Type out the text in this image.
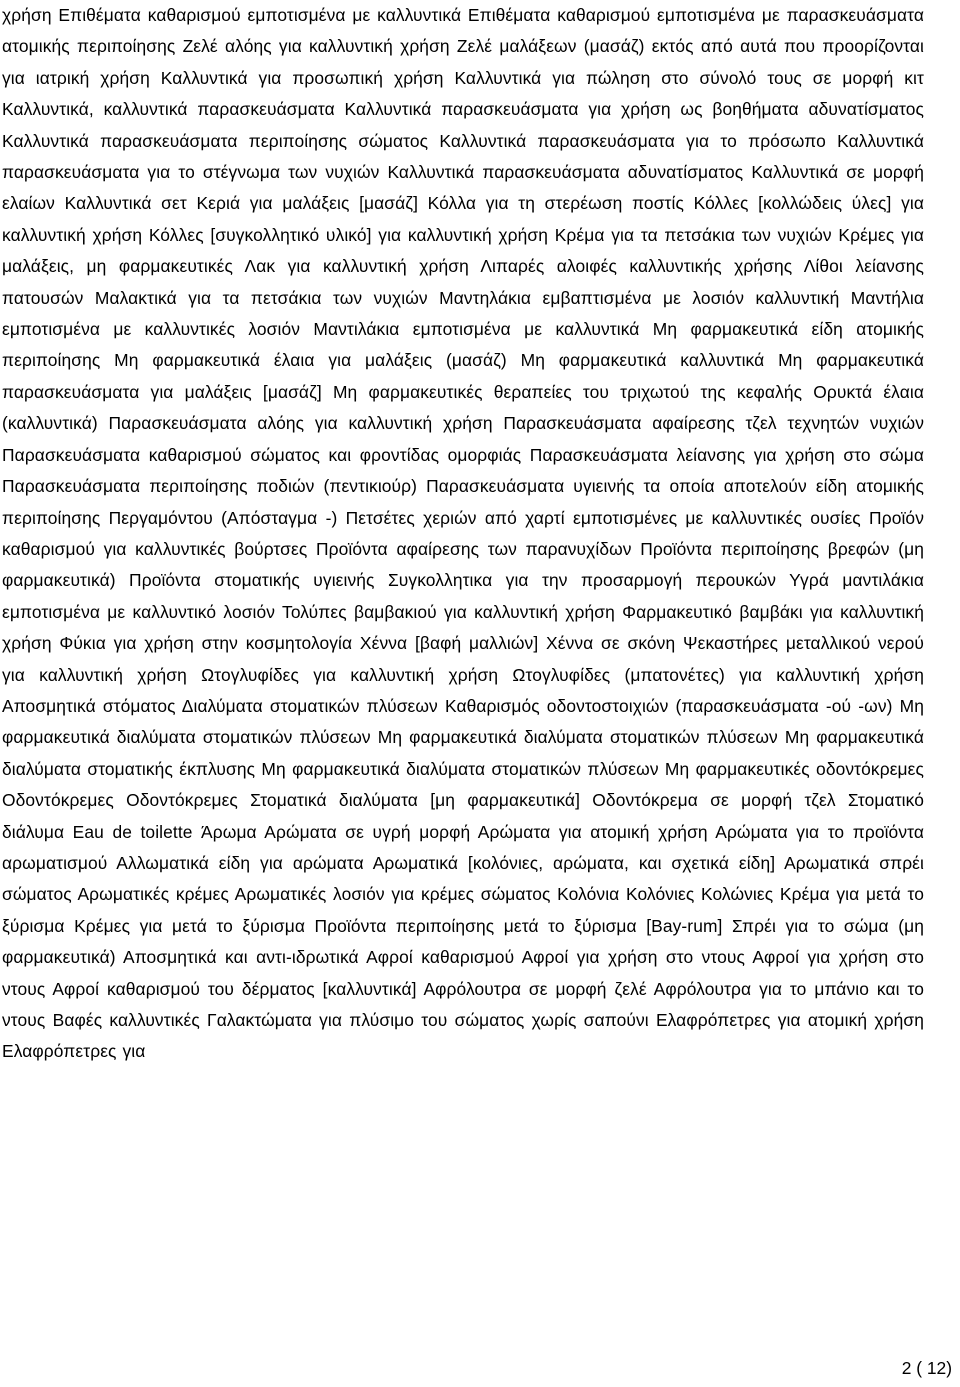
χρήση Επιθέματα καθαρισμού εμποτισμένα με καλλυντικά Επιθέματα καθαρισμού εμποτισμένα με παρασκευάσματα ατομικής περιποίησης Ζελέ αλόης για καλλυντική χρήση Ζελέ μαλάξεων (μασάζ) εκτός από αυτά που προορίζονται για ιατρική χρήση Καλλυντικά για προσωπική χρήση Καλλυντικά για πώληση στο σύνολό τους σε μορφή κιτ Καλλυντικά, καλλυντικά παρασκευάσματα Καλλυντικά παρασκευάσματα για χρήση ως βοηθήματα αδυνατίσματος Καλλυντικά παρασκευάσματα περιποίησης σώματος Καλλυντικά παρασκευάσματα για το πρόσωπο Καλλυντικά παρασκευάσματα για το στέγνωμα των νυχιών Καλλυντικά παρασκευάσματα αδυνατίσματος Καλλυντικά σε μορφή ελαίων Καλλυντικά σετ Κεριά για μαλάξεις [μασάζ] Κόλλα για τη στερέωση ποστίς Κόλλες [κολλώδεις ύλες] για καλλυντική χρήση Κόλλες [συγκολλητικό υλικό] για καλλυντική χρήση Κρέμα για τα πετσάκια των νυχιών Κρέμες για μαλάξεις, μη φαρμακευτικές Λακ για καλλυντική χρήση Λιπαρές αλοιφές καλλυντικής χρήσης Λίθοι λείανσης πατουσών Μαλακτικά για τα πετσάκια των νυχιών Μαντηλάκια εμβαπτισμένα με λοσιόν καλλυντική Μαντήλια εμποτισμένα με καλλυντικές λοσιόν Μαντιλάκια εμποτισμένα με καλλυντικά Μη φαρμακευτικά είδη ατομικής περιποίησης Μη φαρμακευτικά έλαια για μαλάξεις (μασάζ) Μη φαρμακευτικά καλλυντικά Μη φαρμακευτικά παρασκευάσματα για μαλάξεις [μασάζ] Μη φαρμακευτικές θεραπείες του τριχωτού της κεφαλής Ορυκτά έλαια (καλλυντικά) Παρασκευάσματα αλόης για καλλυντική χρήση Παρασκευάσματα αφαίρεσης τζελ τεχνητών νυχιών Παρασκευάσματα καθαρισμού σώματος και φροντίδας ομορφιάς Παρασκευάσματα λείανσης για χρήση στο σώμα Παρασκευάσματα περιποίησης ποδιών (πεντικιούρ) Παρασκευάσματα υγιεινής τα οποία αποτελούν είδη ατομικής περιποίησης Περγαμόντου (Απόσταγμα -) Πετσέτες χεριών από χαρτί εμποτισμένες με καλλυντικές ουσίες Προϊόν καθαρισμού για καλλυντικές βούρτσες Προϊόντα αφαίρεσης των παρανυχίδων Προϊόντα περιποίησης βρεφών (μη φαρμακευτικά) Προϊόντα στοματικής υγιεινής Συγκολλητικα για την προσαρμογή περουκών Υγρά μαντιλάκια εμποτισμένα με καλλυντικό λοσιόν Τολύπες βαμβακιού για καλλυντική χρήση Φαρμακευτικό βαμβάκι για καλλυντική χρήση Φύκια για χρήση στην κοσμητολογία Χέννα [βαφή μαλλιών] Χέννα σε σκόνη Ψεκαστήρες μεταλλικού νερού για καλλυντική χρήση Ωτογλυφίδες για καλλυντική χρήση Ωτογλυφίδες (μπατονέτες) για καλλυντική χρήση Αποσμητικά στόματος Διαλύματα στοματικών πλύσεων Καθαρισμός οδοντοστοιχιών (παρασκευάσματα -ού -ων) Μη φαρμακευτικά διαλύματα στοματικών πλύσεων Μη φαρμακευτικά διαλύματα στοματικών πλύσεων Μη φαρμακευτικά διαλύματα στοματικής έκπλυσης Μη φαρμακευτικά διαλύματα στοματικών πλύσεων Μη φαρμακευτικές οδοντόκρεμες Οδοντόκρεμες Οδοντόκρεμες Στοματικά διαλύματα [μη φαρμακευτικά] Οδοντόκρεμα σε μορφή τζελ Στοματικό διάλυμα Eau de toilette Άρωμα Αρώματα σε υγρή μορφή Αρώματα για ατομική χρήση Αρώματα για το προϊόντα αρωματισμού Αλλωματικά είδη για αρώματα Αρωματικά [κολόνιες, αρώματα, και σχετικά είδη] Αρωματικά σπρέι σώματος Αρωματικές κρέμες Αρωματικές λοσιόν για κρέμες σώματος Κολόνια Κολόνιες Κολώνιες Κρέμα για μετά το ξύρισμα Κρέμες για μετά το ξύρισμα Προϊόντα περιποίησης μετά το ξύρισμα [Bay-rum] Σπρέι για το σώμα (μη φαρμακευτικά) Αποσμητικά και αντι-ιδρωτικά Αφροί καθαρισμού Αφροί για χρήση στο ντους Αφροί για χρήση στο ντους Αφροί καθαρισμού του δέρματος [καλλυντικά] Αφρόλουτρα σε μορφή ζελέ Αφρόλουτρα για το μπάνιο και το ντους Βαφές καλλυντικές Γαλακτώματα για πλύσιμο του σώματος χωρίς σαπούνι Ελαφρόπετρες για ατομική χρήση Ελαφρόπετρες για

2 ( 12)
